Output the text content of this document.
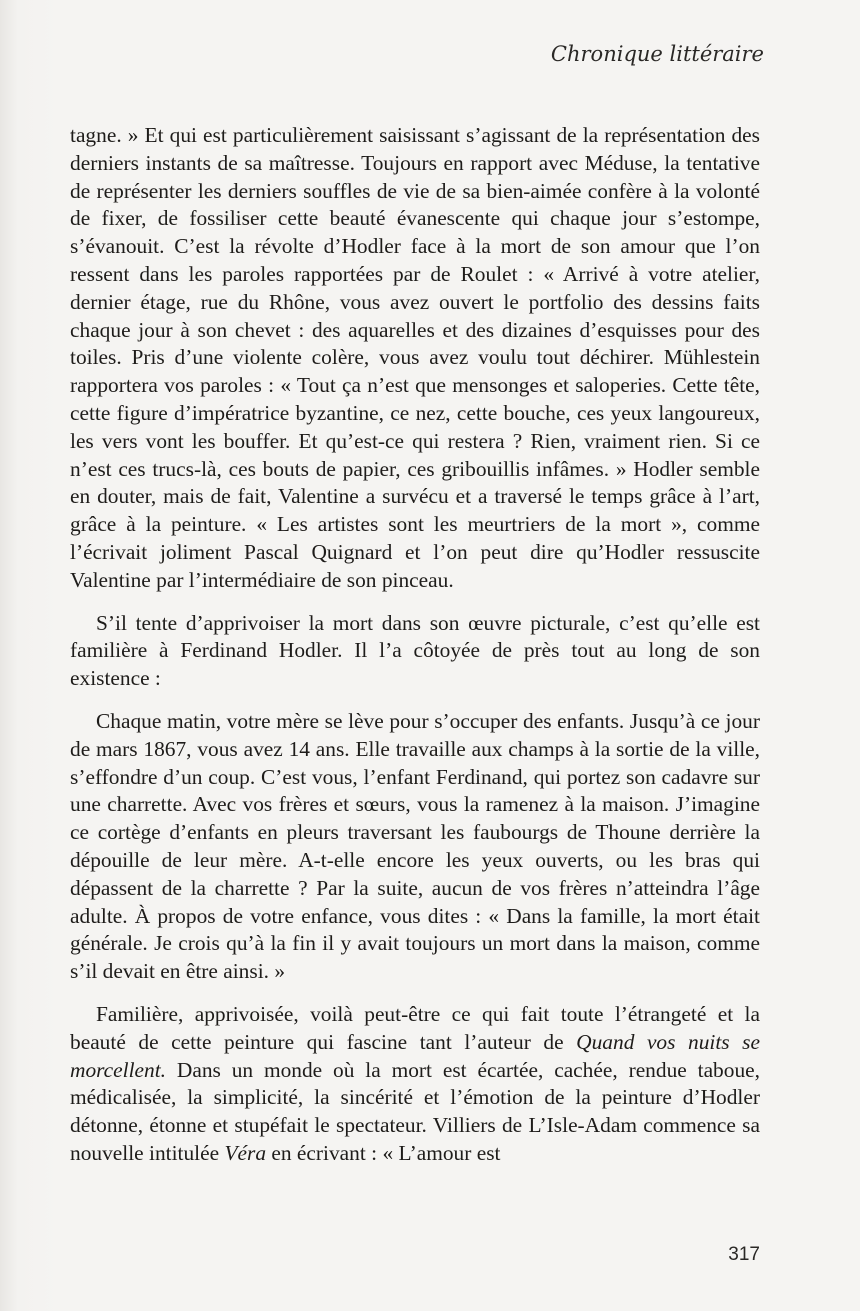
Chronique littéraire

tagne. » Et qui est particulièrement saisissant s’agissant de la représentation des derniers instants de sa maîtresse. Toujours en rapport avec Méduse, la tentative de représenter les derniers souffles de vie de sa bien-aimée confère à la volonté de fixer, de fossiliser cette beauté évanescente qui chaque jour s’estompe, s’évanouit. C’est la révolte d’Hodler face à la mort de son amour que l’on ressent dans les paroles rapportées par de Roulet : « Arrivé à votre atelier, dernier étage, rue du Rhône, vous avez ouvert le portfolio des dessins faits chaque jour à son chevet : des aquarelles et des dizaines d’esquisses pour des toiles. Pris d’une violente colère, vous avez voulu tout déchirer. Mühlestein rapportera vos paroles : « Tout ça n’est que mensonges et saloperies. Cette tête, cette figure d’impératrice byzantine, ce nez, cette bouche, ces yeux langoureux, les vers vont les bouffer. Et qu’est-ce qui restera ? Rien, vraiment rien. Si ce n’est ces trucs-là, ces bouts de papier, ces gribouillis infâmes. » Hodler semble en douter, mais de fait, Valentine a survécu et a traversé le temps grâce à l’art, grâce à la peinture. « Les artistes sont les meurtriers de la mort », comme l’écrivait joliment Pascal Quignard et l’on peut dire qu’Hodler ressuscite Valentine par l’intermédiaire de son pinceau.

S’il tente d’apprivoiser la mort dans son œuvre picturale, c’est qu’elle est familière à Ferdinand Hodler. Il l’a côtoyée de près tout au long de son existence :

Chaque matin, votre mère se lève pour s’occuper des enfants. Jusqu’à ce jour de mars 1867, vous avez 14 ans. Elle travaille aux champs à la sortie de la ville, s’effondre d’un coup. C’est vous, l’enfant Ferdinand, qui portez son cadavre sur une charrette. Avec vos frères et sœurs, vous la ramenez à la maison. J’imagine ce cortège d’enfants en pleurs traversant les faubourgs de Thoune derrière la dépouille de leur mère. A-t-elle encore les yeux ouverts, ou les bras qui dépassent de la charrette ? Par la suite, aucun de vos frères n’atteindra l’âge adulte. À propos de votre enfance, vous dites : « Dans la famille, la mort était générale. Je crois qu’à la fin il y avait toujours un mort dans la maison, comme s’il devait en être ainsi. »

Familière, apprivoisée, voilà peut-être ce qui fait toute l’étrangeté et la beauté de cette peinture qui fascine tant l’auteur de Quand vos nuits se morcellent. Dans un monde où la mort est écartée, cachée, rendue taboue, médicalisée, la simplicité, la sincérité et l’émotion de la peinture d’Hodler détonne, étonne et stupéfait le spectateur. Villiers de L’Isle-Adam commence sa nouvelle intitulée Véra en écrivant : « L’amour est

317
